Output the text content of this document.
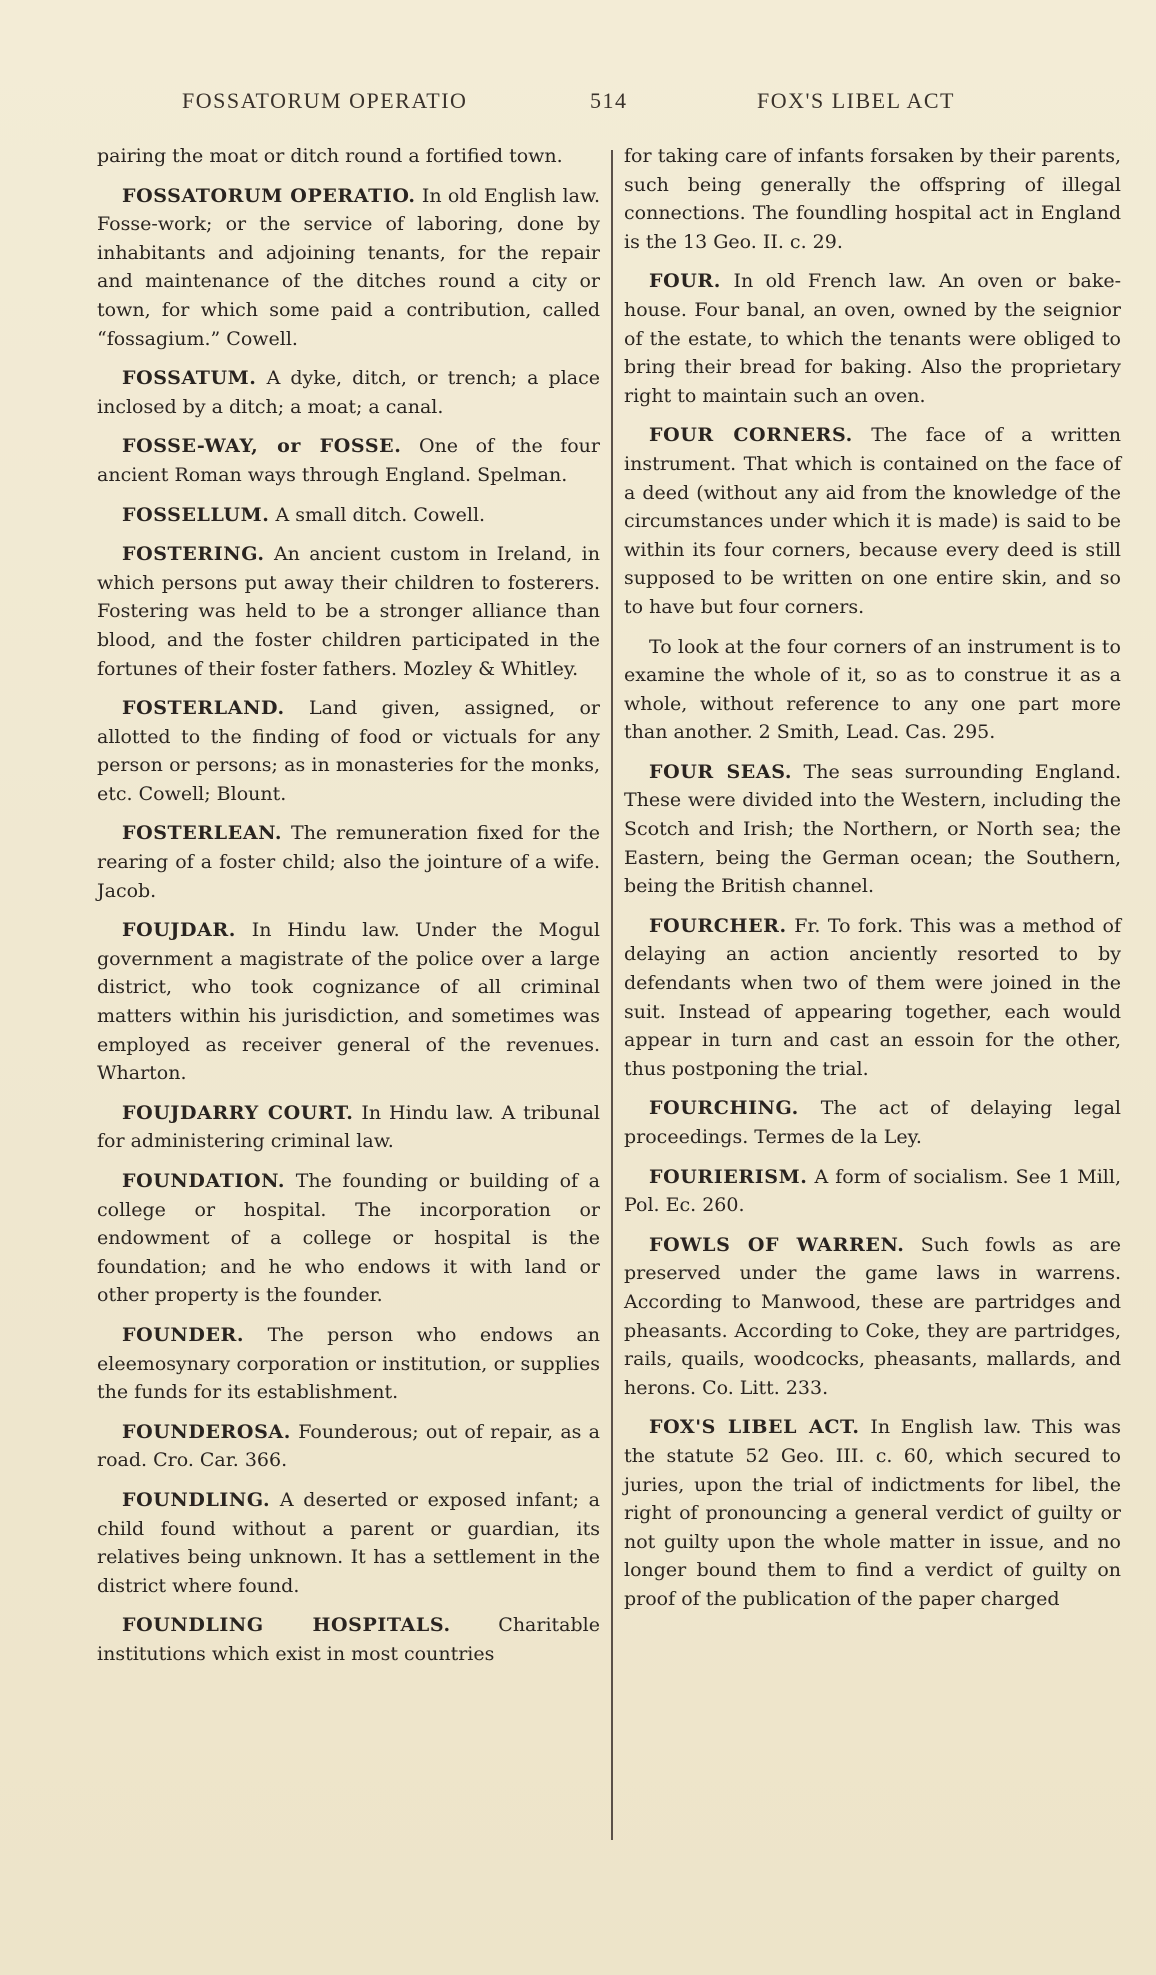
FOSSATORUM OPERATIO	514	FOX'S LIBEL ACT
pairing the moat or ditch round a fortified town.
FOSSATORUM OPERATIO. In old English law. Fosse-work; or the service of laboring, done by inhabitants and adjoining tenants, for the repair and maintenance of the ditches round a city or town, for which some paid a contribution, called “fossagium.” Cowell.
FOSSATUM. A dyke, ditch, or trench; a place inclosed by a ditch; a moat; a canal.
FOSSE-WAY, or FOSSE. One of the four ancient Roman ways through England. Spelman.
FOSSELLUM. A small ditch. Cowell.
FOSTERING. An ancient custom in Ireland, in which persons put away their children to fosterers. Fostering was held to be a stronger alliance than blood, and the foster children participated in the fortunes of their foster fathers. Mozley & Whitley.
FOSTERLAND. Land given, assigned, or allotted to the finding of food or victuals for any person or persons; as in monasteries for the monks, etc. Cowell; Blount.
FOSTERLEAN. The remuneration fixed for the rearing of a foster child; also the jointure of a wife. Jacob.
FOUJDAR. In Hindu law. Under the Mogul government a magistrate of the police over a large district, who took cognizance of all criminal matters within his jurisdiction, and sometimes was employed as receiver general of the revenues. Wharton.
FOUJDARRY COURT. In Hindu law. A tribunal for administering criminal law.
FOUNDATION. The founding or building of a college or hospital. The incorporation or endowment of a college or hospital is the foundation; and he who endows it with land or other property is the founder.
FOUNDER. The person who endows an eleemosynary corporation or institution, or supplies the funds for its establishment.
FOUNDEROSA. Founderous; out of repair, as a road. Cro. Car. 366.
FOUNDLING. A deserted or exposed infant; a child found without a parent or guardian, its relatives being unknown. It has a settlement in the district where found.
FOUNDLING HOSPITALS.	Charitable institutions which exist in most countries
for taking care of infants forsaken by their parents, such being generally the offspring of illegal connections. The foundling hospital act in England is the 13 Geo. II. c. 29.
FOUR. In old French law. An oven or bake-house. Four banal, an oven, owned by the seignior of the estate, to which the tenants were obliged to bring their bread for baking. Also the proprietary right to maintain such an oven.
FOUR CORNERS. The face of a written instrument. That which is contained on the face of a deed (without any aid from the knowledge of the circumstances under which it is made) is said to be within its four corners, because every deed is still supposed to be written on one entire skin, and so to have but four corners.
To look at the four corners of an instrument is to examine the whole of it, so as to construe it as a whole, without reference to any one part more than another. 2 Smith, Lead. Cas. 295.
FOUR SEAS. The seas surrounding England. These were divided into the Western, including the Scotch and Irish; the Northern, or North sea; the Eastern, being the German ocean; the Southern, being the British channel.
FOURCHER. Fr. To fork. This was a method of delaying an action anciently resorted to by defendants when two of them were joined in the suit. Instead of appearing together, each would appear in turn and cast an essoin for the other, thus postponing the trial.
FOURCHING. The act of delaying legal proceedings. Termes de la Ley.
FOURIERISM. A form of socialism. See 1 Mill, Pol. Ec. 260.
FOWLS OF WARREN. Such fowls as are preserved under the game laws in warrens. According to Manwood, these are partridges and pheasants. According to Coke, they are partridges, rails, quails, woodcocks, pheasants, mallards, and herons. Co. Litt. 233.
FOX'S LIBEL ACT. In English law. This was the statute 52 Geo. III. c. 60, which secured to juries, upon the trial of indictments for libel, the right of pronouncing a general verdict of guilty or not guilty upon the whole matter in issue, and no longer bound them to find a verdict of guilty on proof of the publication of the paper charged
